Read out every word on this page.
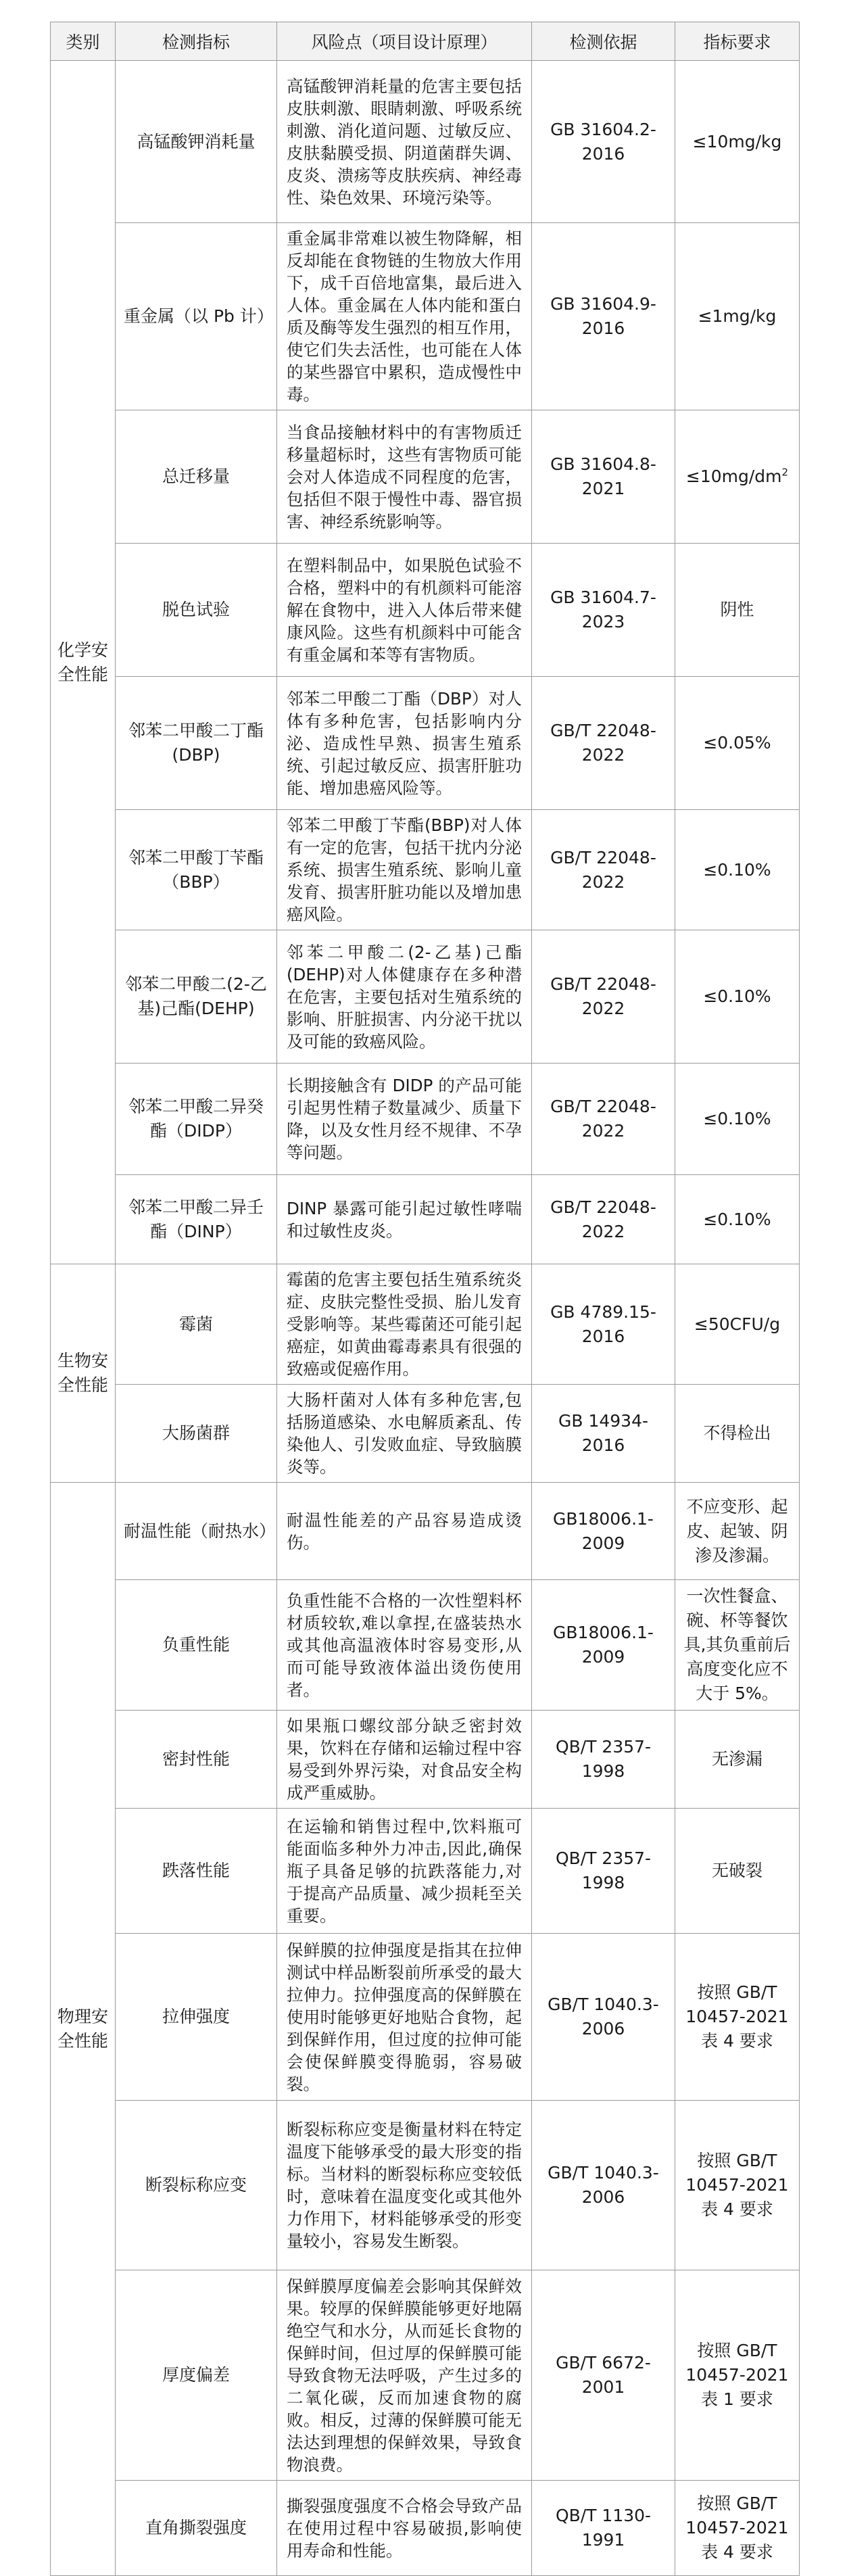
类别	检测指标	风险点（项目设计原理）	检测依据	指标要求
化学安全性能	高锰酸钾消耗量	高锰酸钾消耗量的危害主要包括皮肤刺激、眼睛刺激、呼吸系统刺激、消化道问题、过敏反应、皮肤黏膜受损、阴道菌群失调、皮炎、溃疡等皮肤疾病、神经毒性、染色效果、环境污染等。	GB 31604.2-2016	≤10mg/kg
	重金属（以 Pb 计）	重金属非常难以被生物降解，相反却能在食物链的生物放大作用下，成千百倍地富集，最后进入人体。重金属在人体内能和蛋白质及酶等发生强烈的相互作用，使它们失去活性，也可能在人体的某些器官中累积，造成慢性中毒。	GB 31604.9-2016	≤1mg/kg
	总迁移量	当食品接触材料中的有害物质迁移量超标时，这些有害物质可能会对人体造成不同程度的危害，包括但不限于慢性中毒、器官损害、神经系统影响等。	GB 31604.8-2021	$\le 10mg/dm^2$
	脱色试验	在塑料制品中，如果脱色试验不合格，塑料中的有机颜料可能溶解在食物中，进入人体后带来健康风险。这些有机颜料中可能含有重金属和苯等有害物质。	GB 31604.7-2023	阴性
	邻苯二甲酸二丁酯(DBP)	邻苯二甲酸二丁酯（DBP）对人体有多种危害，包括影响内分泌、造成性早熟、损害生殖系统、引起过敏反应、损害肝脏功能、增加患癌风险等。	GB/T 22048-2022	≤0.05%
	邻苯二甲酸丁苄酯（BBP）	邻苯二甲酸丁苄酯(BBP)对人体有一定的危害，包括干扰内分泌系统、损害生殖系统、影响儿童发育、损害肝脏功能以及增加患癌风险。	GB/T 22048-2022	≤0.10%
	邻苯二甲酸二(2-乙基)己酯(DEHP)	邻苯二甲酸二(2-乙基)己酯(DEHP)对人体健康存在多种潜在危害，主要包括对生殖系统的影响、肝脏损害、内分泌干扰以及可能的致癌风险。	GB/T 22048-2022	≤0.10%
	邻苯二甲酸二异癸酯（DIDP）	长期接触含有 DIDP 的产品可能引起男性精子数量减少、质量下降，以及女性月经不规律、不孕等问题。	GB/T 22048-2022	≤0.10%
	邻苯二甲酸二异壬酯（DINP）	DINP 暴露可能引起过敏性哮喘和过敏性皮炎。	GB/T 22048-2022	≤0.10%
生物安全性能	霉菌	霉菌的危害主要包括生殖系统炎症、皮肤完整性受损、胎儿发育受影响等。某些霉菌还可能引起癌症，如黄曲霉毒素具有很强的致癌或促癌作用。	GB 4789.15-2016	≤50CFU/g
	大肠菌群	大肠杆菌对人体有多种危害,包括肠道感染、水电解质紊乱、传染他人、引发败血症、导致脑膜炎等。	GB 14934-2016	不得检出
物理安全性能	耐温性能（耐热水）	耐温性能差的产品容易造成烫伤。	GB18006.1-2009	不应变形、起皮、起皱、阴渗及渗漏。
	负重性能	负重性能不合格的一次性塑料杯材质较软,难以拿捏,在盛装热水或其他高温液体时容易变形,从而可能导致液体溢出烫伤使用者。	GB18006.1-2009	一次性餐盒、碗、杯等餐饮具,其负重前后高度变化应不大于 5%。
	密封性能	如果瓶口螺纹部分缺乏密封效果，饮料在存储和运输过程中容易受到外界污染，对食品安全构成严重威胁。	QB/T 2357-1998	无渗漏
	跌落性能	在运输和销售过程中,饮料瓶可能面临多种外力冲击,因此,确保瓶子具备足够的抗跌落能力,对于提高产品质量、减少损耗至关重要。	QB/T 2357-1998	无破裂
	拉伸强度	保鲜膜的拉伸强度是指其在拉伸测试中样品断裂前所承受的最大拉伸力。拉伸强度高的保鲜膜在使用时能够更好地贴合食物，起到保鲜作用，但过度的拉伸可能会使保鲜膜变得脆弱，容易破裂。	GB/T 1040.3-2006	按照 GB/T 10457-2021 表 4 要求
	断裂标称应变	断裂标称应变是衡量材料在特定温度下能够承受的最大形变的指标。当材料的断裂标称应变较低时，意味着在温度变化或其他外力作用下，材料能够承受的形变量较小，容易发生断裂。	GB/T 1040.3-2006	按照 GB/T 10457-2021 表 4 要求
	厚度偏差	保鲜膜厚度偏差会影响其保鲜效果。较厚的保鲜膜能够更好地隔绝空气和水分，从而延长食物的保鲜时间，但过厚的保鲜膜可能导致食物无法呼吸，产生过多的二氧化碳，反而加速食物的腐败。相反，过薄的保鲜膜可能无法达到理想的保鲜效果，导致食物浪费。	GB/T 6672-2001	按照 GB/T 10457-2021 表 1 要求
	直角撕裂强度	撕裂强度强度不合格会导致产品在使用过程中容易破损,影响使用寿命和性能。	QB/T 1130-1991	按照 GB/T 10457-2021 表 4 要求
